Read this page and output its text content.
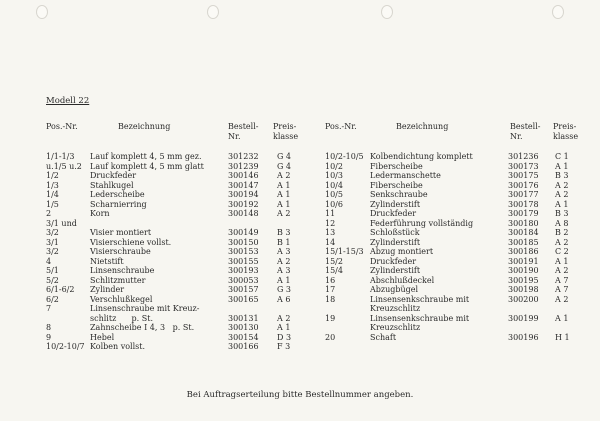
Modell 22
Pos.-Nr.	Bezeichnung	Bestell-
Nr.
Preis-
klasse
Pos.-Nr.	Bezeichnung	Bestell-
Nr.
Preis-
klasse
1/1-1/3 Lauf komplett 4, 5 mm gez.	301232 G 4
u.1/5 u.2 Lauf komplett 4, 5 mm glatt	301239 G 4
1/2	Druckfeder	300146 A 2
1/3	Stahlkugel	300147 A 1
1/4	Lederscheibe	300194 A 1
1/5	Scharnierring	300192 A 1
2	Korn	300148 A 2
3/1 und
3/2	Visier montiert	300149 B 3
3/1	Visierschiene vollst.	300150 B 1
3/2	Visierschraube	300153 A 3
4	Nietstift	300155 A 2
5/1	Linsenschraube	300193 A 3
5/2	Schlitzmutter	300053 A 1
6/1-6/2 Zylinder	300157 G 3
6/2	Verschlußkegel	300165 A 6
7	Linsenschraube mit Kreuz-
schlitz      p. St.	300131 A 2
8	Zahnscheibe I 4, 3   p. St.	300130 A 1
9	Hebel	300154 D 3
10/2-10/7 Kolben vollst.	300166 F 3
10/2-10/5 Kolbendichtung komplett	301236 C 1
10/2	Fiberscheibe	300173 A 1
10/3	Ledermanschette	300175 B 3
10/4	Fiberscheibe	300176 A 2
10/5	Senkschraube	300177 A 2
10/6	Zylinderstift	300178 A 1
11	Druckfeder	300179 B 3
12	Federführung vollständig	300180 A 8
13	Schloßstück	300184 B 2
14	Zylinderstift	300185 A 2
15/1-15/3 Abzug montiert	300186 C 2
15/2	Druckfeder	300191 A 1
15/4	Zylinderstift	300190 A 2
16	Abschlußdeckel	300195 A 7
17	Abzugbügel	300198 A 7
18	Linsensenkschraube mit	300200 A 2
Kreuzschlitz
19	Linsensenkschraube mit	300199 A 1
Kreuzschlitz
20	Schaft	300196 H 1
Bei Auftragserteilung bitte Bestellnummer angeben.
